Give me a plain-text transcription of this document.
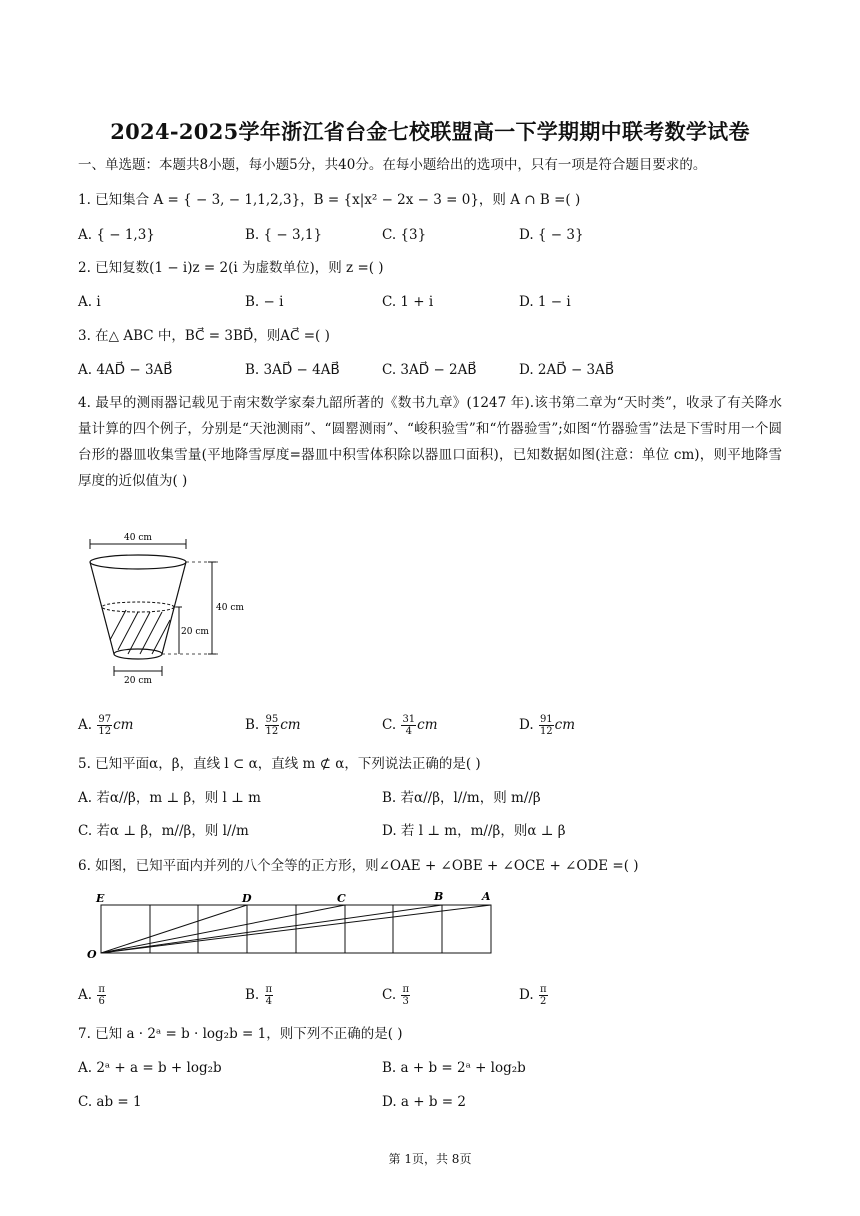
2024-2025学年浙江省台金七校联盟高一下学期期中联考数学试卷
一、单选题：本题共8小题，每小题5分，共40分。在每小题给出的选项中，只有一项是符合题目要求的。
1. 已知集合 A = { − 3, − 1,1,2,3}，B = {x|x² − 2x − 3 = 0}，则 A ∩ B =( )
A. { − 1,3}	B. { − 3,1}	C. {3}	D. { − 3}
2. 已知复数(1 − i)z = 2(i 为虚数单位)，则 z =( )
A. i	B. − i	C. 1 + i	D. 1 − i
3. 在△ ABC 中，BC⃗ = 3BD⃗，则AC⃗ =( )
A. 4AD⃗ − 3AB⃗	B. 3AD⃗ − 4AB⃗	C. 3AD⃗ − 2AB⃗	D. 2AD⃗ − 3AB⃗
4. 最早的测雨器记载见于南宋数学家秦九韶所著的《数书九章》(1247 年).该书第二章为“天时类”，收录了有关降水量计算的四个例子，分别是“天池测雨”、“圆罂测雨”、“峻积验雪”和“竹器验雪”;如图“竹器验雪”法是下雪时用一个圆台形的器皿收集雪量(平地降雪厚度=器皿中积雪体积除以器皿口面积)，已知数据如图(注意：单位 cm)，则平地降雪厚度的近似值为( )
40 cm
40 cm
20 cm
20 cm
A. $\frac{97}{12}$ cm	B. $\frac{95}{12}$ cm	C. $\frac{31}{4}$ cm	D. $\frac{91}{12}$ cm
5. 已知平面α，β，直线 l ⊂ α，直线 m ⊄ α，下列说法正确的是( )
A. 若α//β，m ⊥ β，则 l ⊥ m	B. 若α//β，l//m，则 m//β
C. 若α ⊥ β，m//β，则 l//m	D. 若 l ⊥ m，m//β，则α ⊥ β
6. 如图，已知平面内并列的八个全等的正方形，则∠OAE + ∠OBE + ∠OCE + ∠ODE =( )
E	D	C	B	A
O
A. $\frac{\pi}{6}$	B. $\frac{\pi}{4}$	C. $\frac{\pi}{3}$	D. $\frac{\pi}{2}$
7. 已知 a · 2ᵃ = b · log₂b = 1，则下列不正确的是( )
A. 2ᵃ + a = b + log₂b	B. a + b = 2ᵃ + log₂b
C. ab = 1	D. a + b = 2
第 1页，共 8页
